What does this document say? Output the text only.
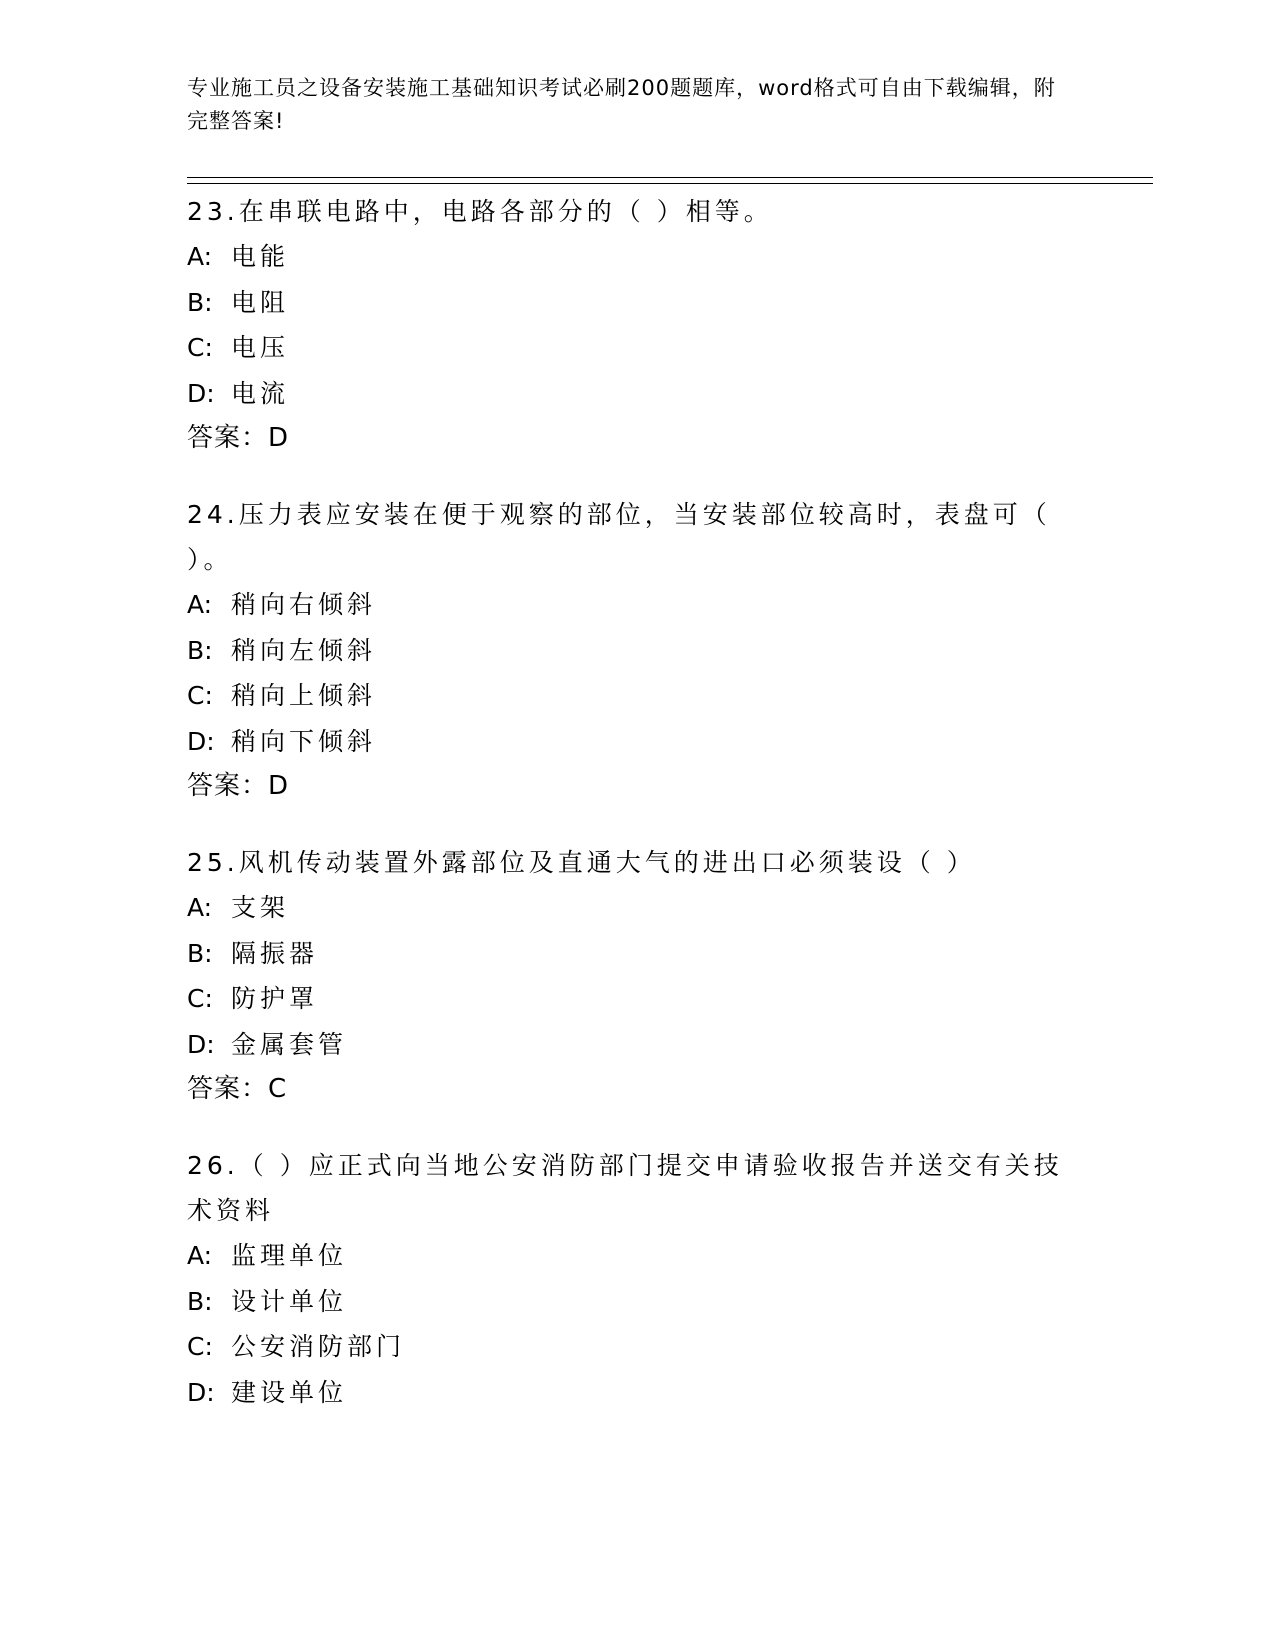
专业施工员之设备安装施工基础知识考试必刷200题题库，word格式可自由下载编辑，附完整答案!

23.在串联电路中，电路各部分的（ ）相等。

A: 电能

B: 电阻

C: 电压

D: 电流

答案：D

24.压力表应安装在便于观察的部位，当安装部位较高时，表盘可（ ）。

A: 稍向右倾斜

B: 稍向左倾斜

C: 稍向上倾斜

D: 稍向下倾斜

答案：D

25.风机传动装置外露部位及直通大气的进出口必须装设（ ）

A: 支架

B: 隔振器

C: 防护罩

D: 金属套管

答案：C

26.（ ）应正式向当地公安消防部门提交申请验收报告并送交有关技术资料

A: 监理单位

B: 设计单位

C: 公安消防部门

D: 建设单位
